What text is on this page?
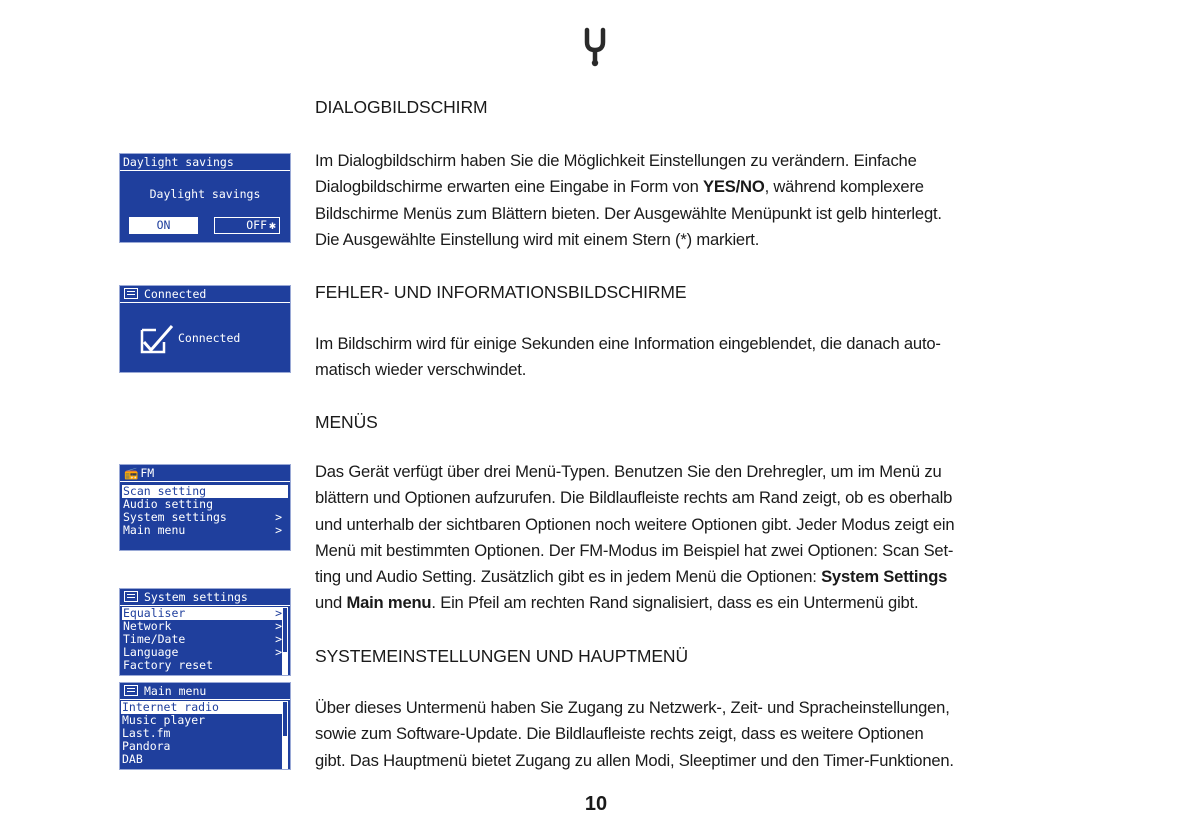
DIALOGBILDSCHIRM
Im Dialogbildschirm haben Sie die Möglichkeit Einstellungen zu verändern. Einfache
Dialogbildschirme erwarten eine Eingabe in Form von YES/NO, während komplexere
Bildschirme Menüs zum Blättern bieten. Der Ausgewählte Menüpunkt ist gelb hinterlegt.
Die Ausgewählte Einstellung wird mit einem Stern (*) markiert.
Daylight savings
Daylight savings
ON	OFF ✱
FEHLER- UND INFORMATIONSBILDSCHIRME
Im Bildschirm wird für einige Sekunden eine Information eingeblendet, die danach auto-
matisch wieder verschwindet.
Connected
Connected
MENÜS
Das Gerät verfügt über drei Menü-Typen. Benutzen Sie den Drehregler, um im Menü zu
blättern und Optionen aufzurufen. Die Bildlaufleiste rechts am Rand zeigt, ob es oberhalb
und unterhalb der sichtbaren Optionen noch weitere Optionen gibt. Jeder Modus zeigt ein
Menü mit bestimmten Optionen. Der FM-Modus im Beispiel hat zwei Optionen: Scan Set-
ting und Audio Setting. Zusätzlich gibt es in jedem Menü die Optionen: System Settings
und Main menu. Ein Pfeil am rechten Rand signalisiert, dass es ein Untermenü gibt.
📻 FM
Scan setting
Audio setting
System settings	>
Main menu	>
System settings
Equaliser	>
Network	>
Time/Date	>
Language	>
Factory reset
Main menu
Internet radio
Music player
Last.fm
Pandora
DAB
SYSTEMEINSTELLUNGEN UND HAUPTMENÜ
Über dieses Untermenü haben Sie Zugang zu Netzwerk-, Zeit- und Spracheinstellungen,
sowie zum Software-Update. Die Bildlaufleiste rechts zeigt, dass es weitere Optionen
gibt. Das Hauptmenü bietet Zugang zu allen Modi, Sleeptimer und den Timer-Funktionen.
10
